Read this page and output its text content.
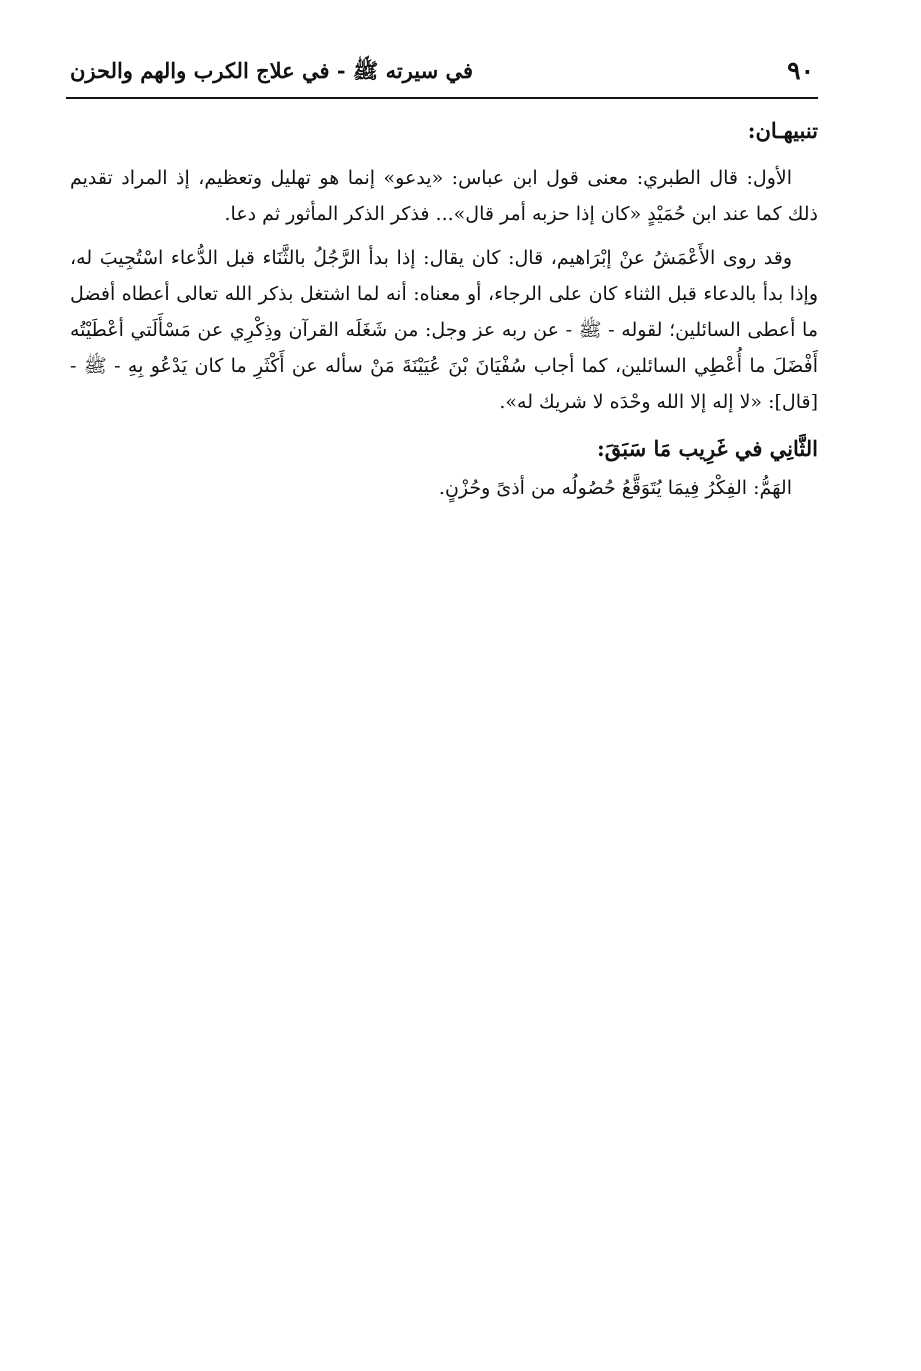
٩٠
في سيرته ﷺ - في علاج الكرب والهم والحزن

تنبيهـان:

الأول: قال الطبري: معنى قول ابن عباس: «يدعو» إنما هو تهليل وتعظيم، إذ المراد تقديم ذلك كما عند ابن حُمَيْدٍ «كان إذا حزبه أمر قال»... فذكر الذكر المأثور ثم دعا.

وقد روى الأَعْمَشُ عنْ إبْرَاهيم، قال: كان يقال: إذا بدأ الرَّجُلُ بالثَّنَاء قبل الدُّعاء اسْتُجِيبَ له، وإذا بدأ بالدعاء قبل الثناء كان على الرجاء، أو معناه: أنه لما اشتغل بذكر الله تعالى أعطاه أفضل ما أعطى السائلين؛ لقوله - ﷺ - عن ربه عز وجل: من شَغَلَه القرآن وذِكْرِي عن مَسْأَلَتي أعْطَيْتُه أَفْضَلَ ما أُعْطِي السائلين، كما أجاب سُفْيَانَ بْنَ عُيَيْنَةَ مَنْ سأله عن أَكْثَرِ ما كان يَدْعُو بِهِ - ﷺ - [قال]: «لا إله إلا الله وحْدَه لا شريك له».

الثَّانِي في غَرِيب مَا سَبَقَ:

الهَمُّ: الفِكْرُ فِيمَا يُتَوَقَّعُ حُصُولُه من أذىً وحُزْنٍ.
